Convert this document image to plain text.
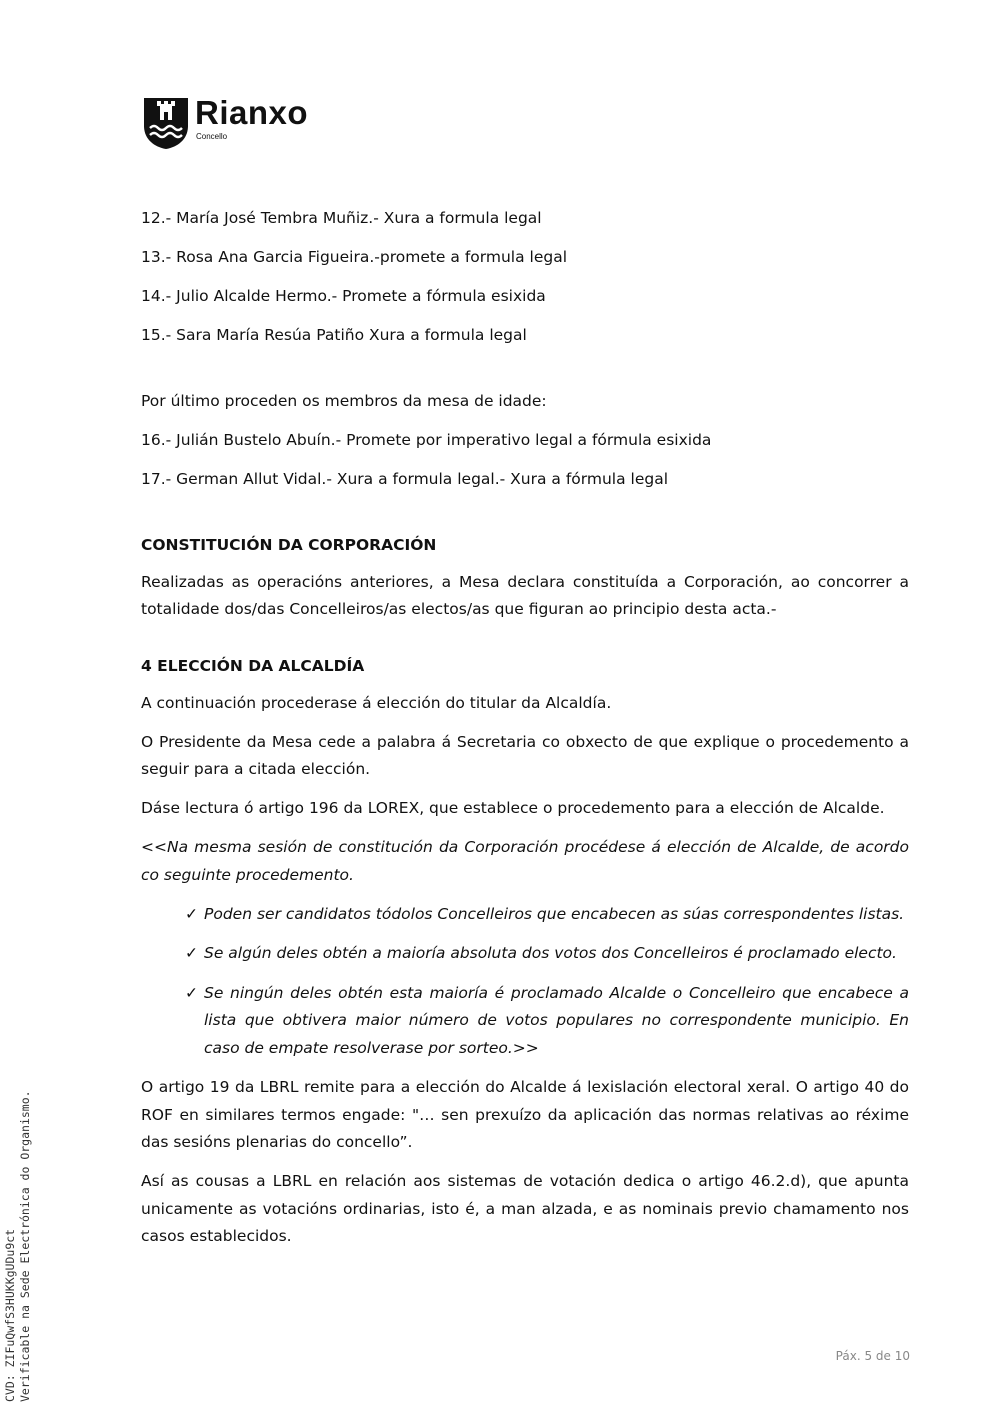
Rianxo
Concello
12.- María José Tembra Muñiz.- Xura a formula legal
13.- Rosa Ana Garcia Figueira.-promete a formula legal
14.- Julio Alcalde Hermo.- Promete a fórmula esixida
15.- Sara María Resúa Patiño Xura a formula legal
Por último proceden os membros da mesa de idade:
16.- Julián Bustelo Abuín.- Promete por imperativo legal a fórmula esixida
17.- German Allut Vidal.- Xura a formula legal.- Xura a fórmula legal
CONSTITUCIÓN DA CORPORACIÓN
Realizadas as operacións anteriores, a Mesa declara constituída a Corporación, ao concorrer a totalidade dos/das Concelleiros/as electos/as que figuran ao principio desta acta.-
4 ELECCIÓN DA ALCALDÍA
A continuación procederase á elección do titular da Alcaldía.
O Presidente da Mesa cede a palabra á Secretaria co obxecto de que explique o procedemento a seguir para a citada elección.
Dáse lectura ó artigo 196 da LOREX, que establece o procedemento para a elección de Alcalde.
<<Na mesma sesión de constitución da Corporación procédese á elección de Alcalde, de acordo co seguinte procedemento.
✓ Poden ser candidatos tódolos Concelleiros que encabecen as súas correspondentes listas.
✓ Se algún deles obtén a maioría absoluta dos votos dos Concelleiros é proclamado electo.
✓ Se ningún deles obtén esta maioría é proclamado Alcalde o Concelleiro que encabece a lista que obtivera maior número de votos populares no correspondente municipio. En caso de empate resolverase por sorteo.>>
O artigo 19 da LBRL remite para a elección do Alcalde á lexislación electoral xeral. O artigo 40 do ROF en similares termos engade: "… sen prexuízo da aplicación das normas relativas ao réxime das sesións plenarias do concello”.
Así as cousas a LBRL en relación aos sistemas de votación dedica o artigo 46.2.d), que apunta unicamente as votacións ordinarias, isto é, a man alzada, e as nominais previo chamamento nos casos establecidos.
Páx. 5 de 10
CVD: ZIFuQwfS3HUKKgUDu9ct
Verificable na Sede Electrónica do Organismo.
